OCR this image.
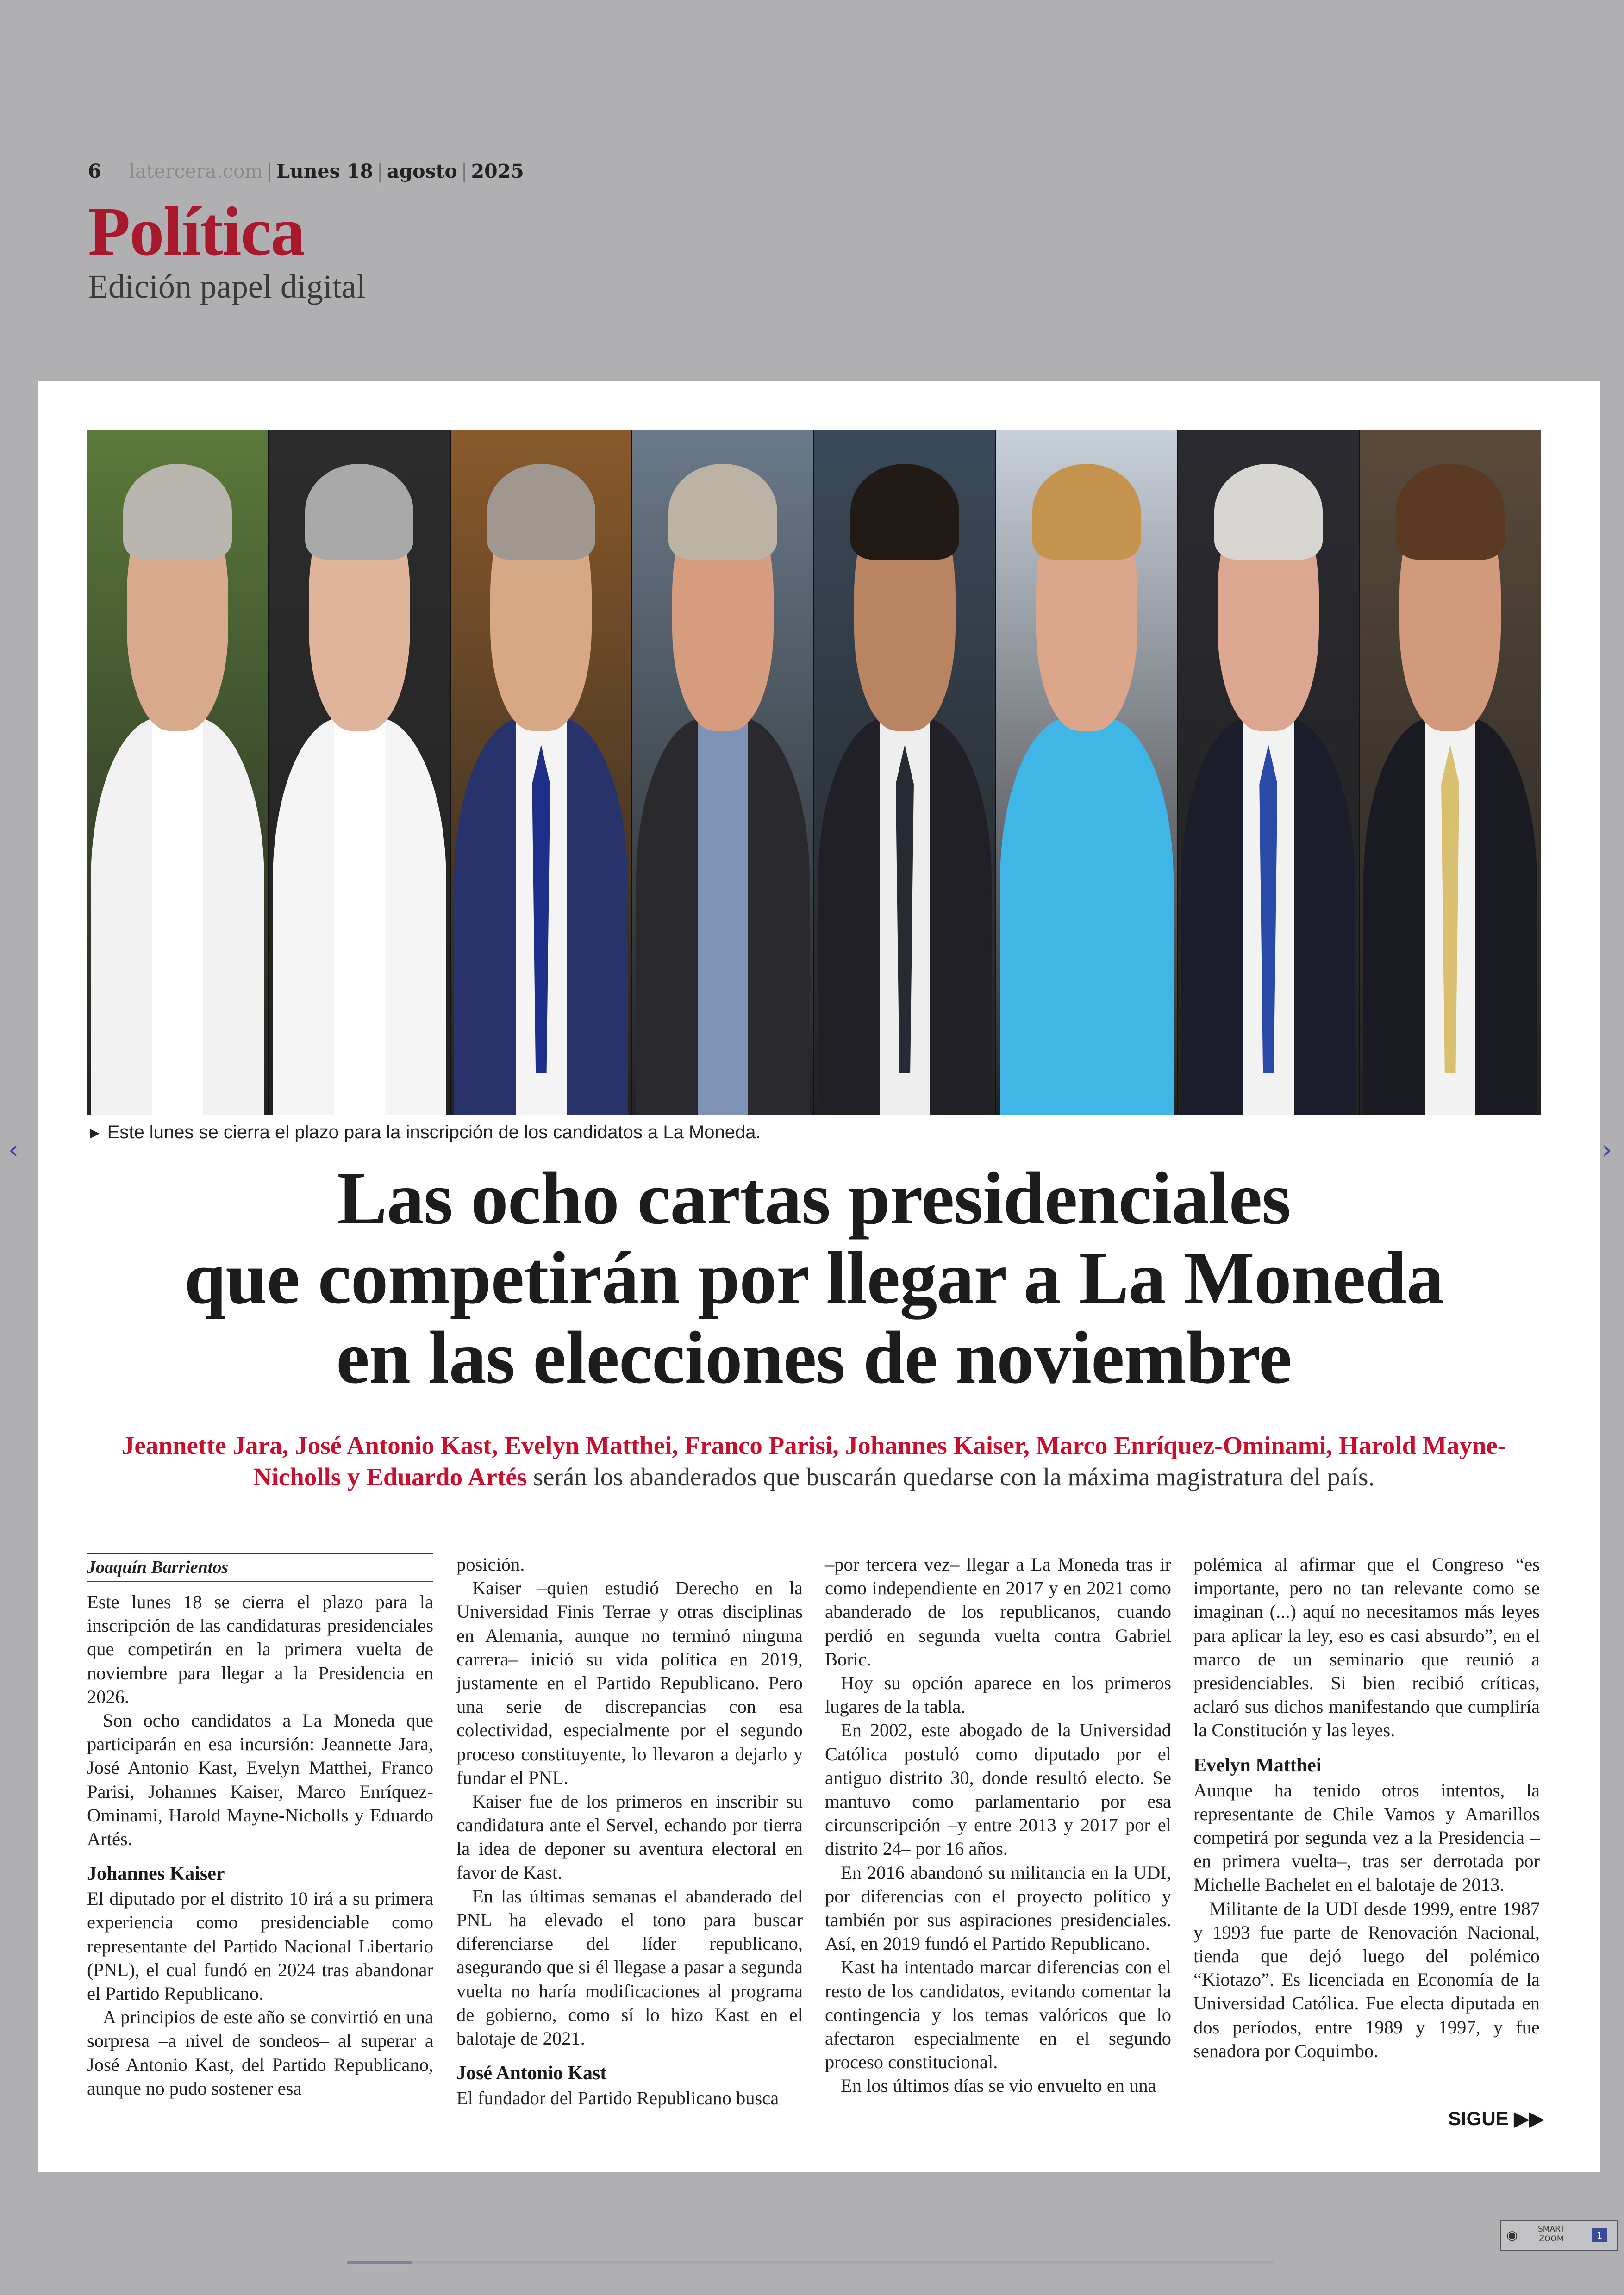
6 latercera.com | Lunes 18 | agosto | 2025
Política
Edición papel digital
‹	›
► Este lunes se cierra el plazo para la inscripción de los candidatos a La Moneda.
Las ocho cartas presidenciales
que competirán por llegar a La Moneda
en las elecciones de noviembre
Jeannette Jara, José Antonio Kast, Evelyn Matthei, Franco Parisi, Johannes Kaiser, Marco Enríquez-Ominami, Harold Mayne-Nicholls y Eduardo Artés serán los abanderados que buscarán quedarse con la máxima magistratura del país.
Joaquín Barrientos

Este lunes 18 se cierra el plazo para la inscripción de las candidaturas presidenciales que competirán en la primera vuelta de noviembre para llegar a la Presidencia en 2026.

Son ocho candidatos a La Moneda que participarán en esa incursión: Jeannette Jara, José Antonio Kast, Evelyn Matthei, Franco Parisi, Johannes Kaiser, Marco Enríquez-Ominami, Harold Mayne-Nicholls y Eduardo Artés.

Johannes Kaiser

El diputado por el distrito 10 irá a su primera experiencia como presidenciable como representante del Partido Nacional Libertario (PNL), el cual fundó en 2024 tras abandonar el Partido Republicano.

A principios de este año se convirtió en una sorpresa –a nivel de sondeos– al superar a José Antonio Kast, del Partido Republicano, aunque no pudo sostener esa

posición.

Kaiser –quien estudió Derecho en la Universidad Finis Terrae y otras disciplinas en Alemania, aunque no terminó ninguna carrera– inició su vida política en 2019, justamente en el Partido Republicano. Pero una serie de discrepancias con esa colectividad, especialmente por el segundo proceso constituyente, lo llevaron a dejarlo y fundar el PNL.

Kaiser fue de los primeros en inscribir su candidatura ante el Servel, echando por tierra la idea de deponer su aventura electoral en favor de Kast.

En las últimas semanas el abanderado del PNL ha elevado el tono para buscar diferenciarse del líder republicano, asegurando que si él llegase a pasar a segunda vuelta no haría modificaciones al programa de gobierno, como sí lo hizo Kast en el balotaje de 2021.

José Antonio Kast

El fundador del Partido Republicano busca

–por tercera vez– llegar a La Moneda tras ir como independiente en 2017 y en 2021 como abanderado de los republicanos, cuando perdió en segunda vuelta contra Gabriel Boric.

Hoy su opción aparece en los primeros lugares de la tabla.

En 2002, este abogado de la Universidad Católica postuló como diputado por el antiguo distrito 30, donde resultó electo. Se mantuvo como parlamentario por esa circunscripción –y entre 2013 y 2017 por el distrito 24– por 16 años.

En 2016 abandonó su militancia en la UDI, por diferencias con el proyecto político y también por sus aspiraciones presidenciales. Así, en 2019 fundó el Partido Republicano.

Kast ha intentado marcar diferencias con el resto de los candidatos, evitando comentar la contingencia y los temas valóricos que lo afectaron especialmente en el segundo proceso constitucional.

En los últimos días se vio envuelto en una

polémica al afirmar que el Congreso “es importante, pero no tan relevante como se imaginan (...) aquí no necesitamos más leyes para aplicar la ley, eso es casi absurdo”, en el marco de un seminario que reunió a presidenciables. Si bien recibió críticas, aclaró sus dichos manifestando que cumpliría la Constitución y las leyes.

Evelyn Matthei

Aunque ha tenido otros intentos, la representante de Chile Vamos y Amarillos competirá por segunda vez a la Presidencia –en primera vuelta–, tras ser derrotada por Michelle Bachelet en el balotaje de 2013.

Militante de la UDI desde 1999, entre 1987 y 1993 fue parte de Renovación Nacional, tienda que dejó luego del polémico “Kiotazo”. Es licenciada en Economía de la Universidad Católica. Fue electa diputada en dos períodos, entre 1989 y 1997, y fue senadora por Coquimbo.

SIGUE ▶▶
◉	SMART
ZOOM	1
